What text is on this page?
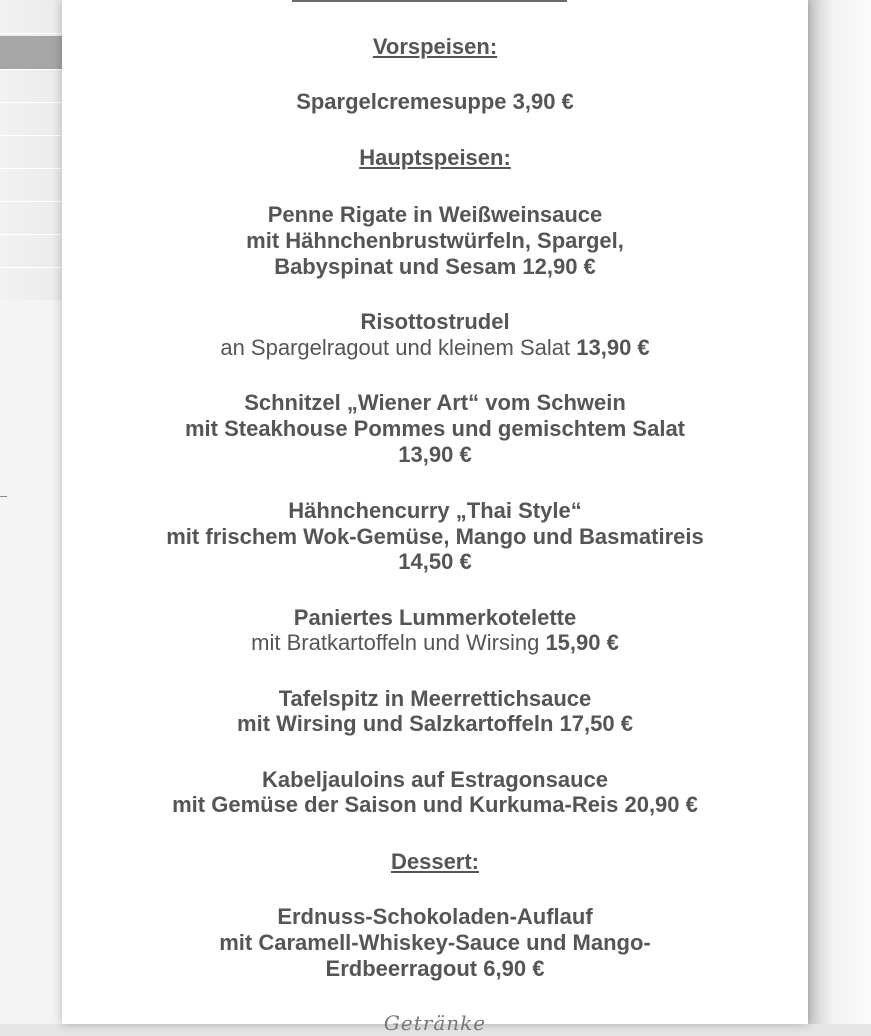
Vorspeisen:
Spargelcremesuppe 3,90 €
Hauptspeisen:
Penne Rigate in Weißweinsauce
mit Hähnchenbrustwürfeln, Spargel,
Babyspinat und Sesam 12,90 €
Risottostrudel
an Spargelragout und kleinem Salat 13,90 €
Schnitzel „Wiener Art“ vom Schwein
mit Steakhouse Pommes und gemischtem Salat
13,90 €
Hähnchencurry „Thai Style“
mit frischem Wok-Gemüse, Mango und Basmatireis
14,50 €
Paniertes Lummerkotelette
mit Bratkartoffeln und Wirsing 15,90 €
Tafelspitz in Meerrettichsauce
mit Wirsing und Salzkartoffeln 17,50 €
Kabeljauloins auf Estragonsauce
mit Gemüse der Saison und Kurkuma-Reis 20,90 €
Dessert:
Erdnuss-Schokoladen-Auflauf
mit Caramell-Whiskey-Sauce und Mango-
Erdbeerragout 6,90 €
Getränke
